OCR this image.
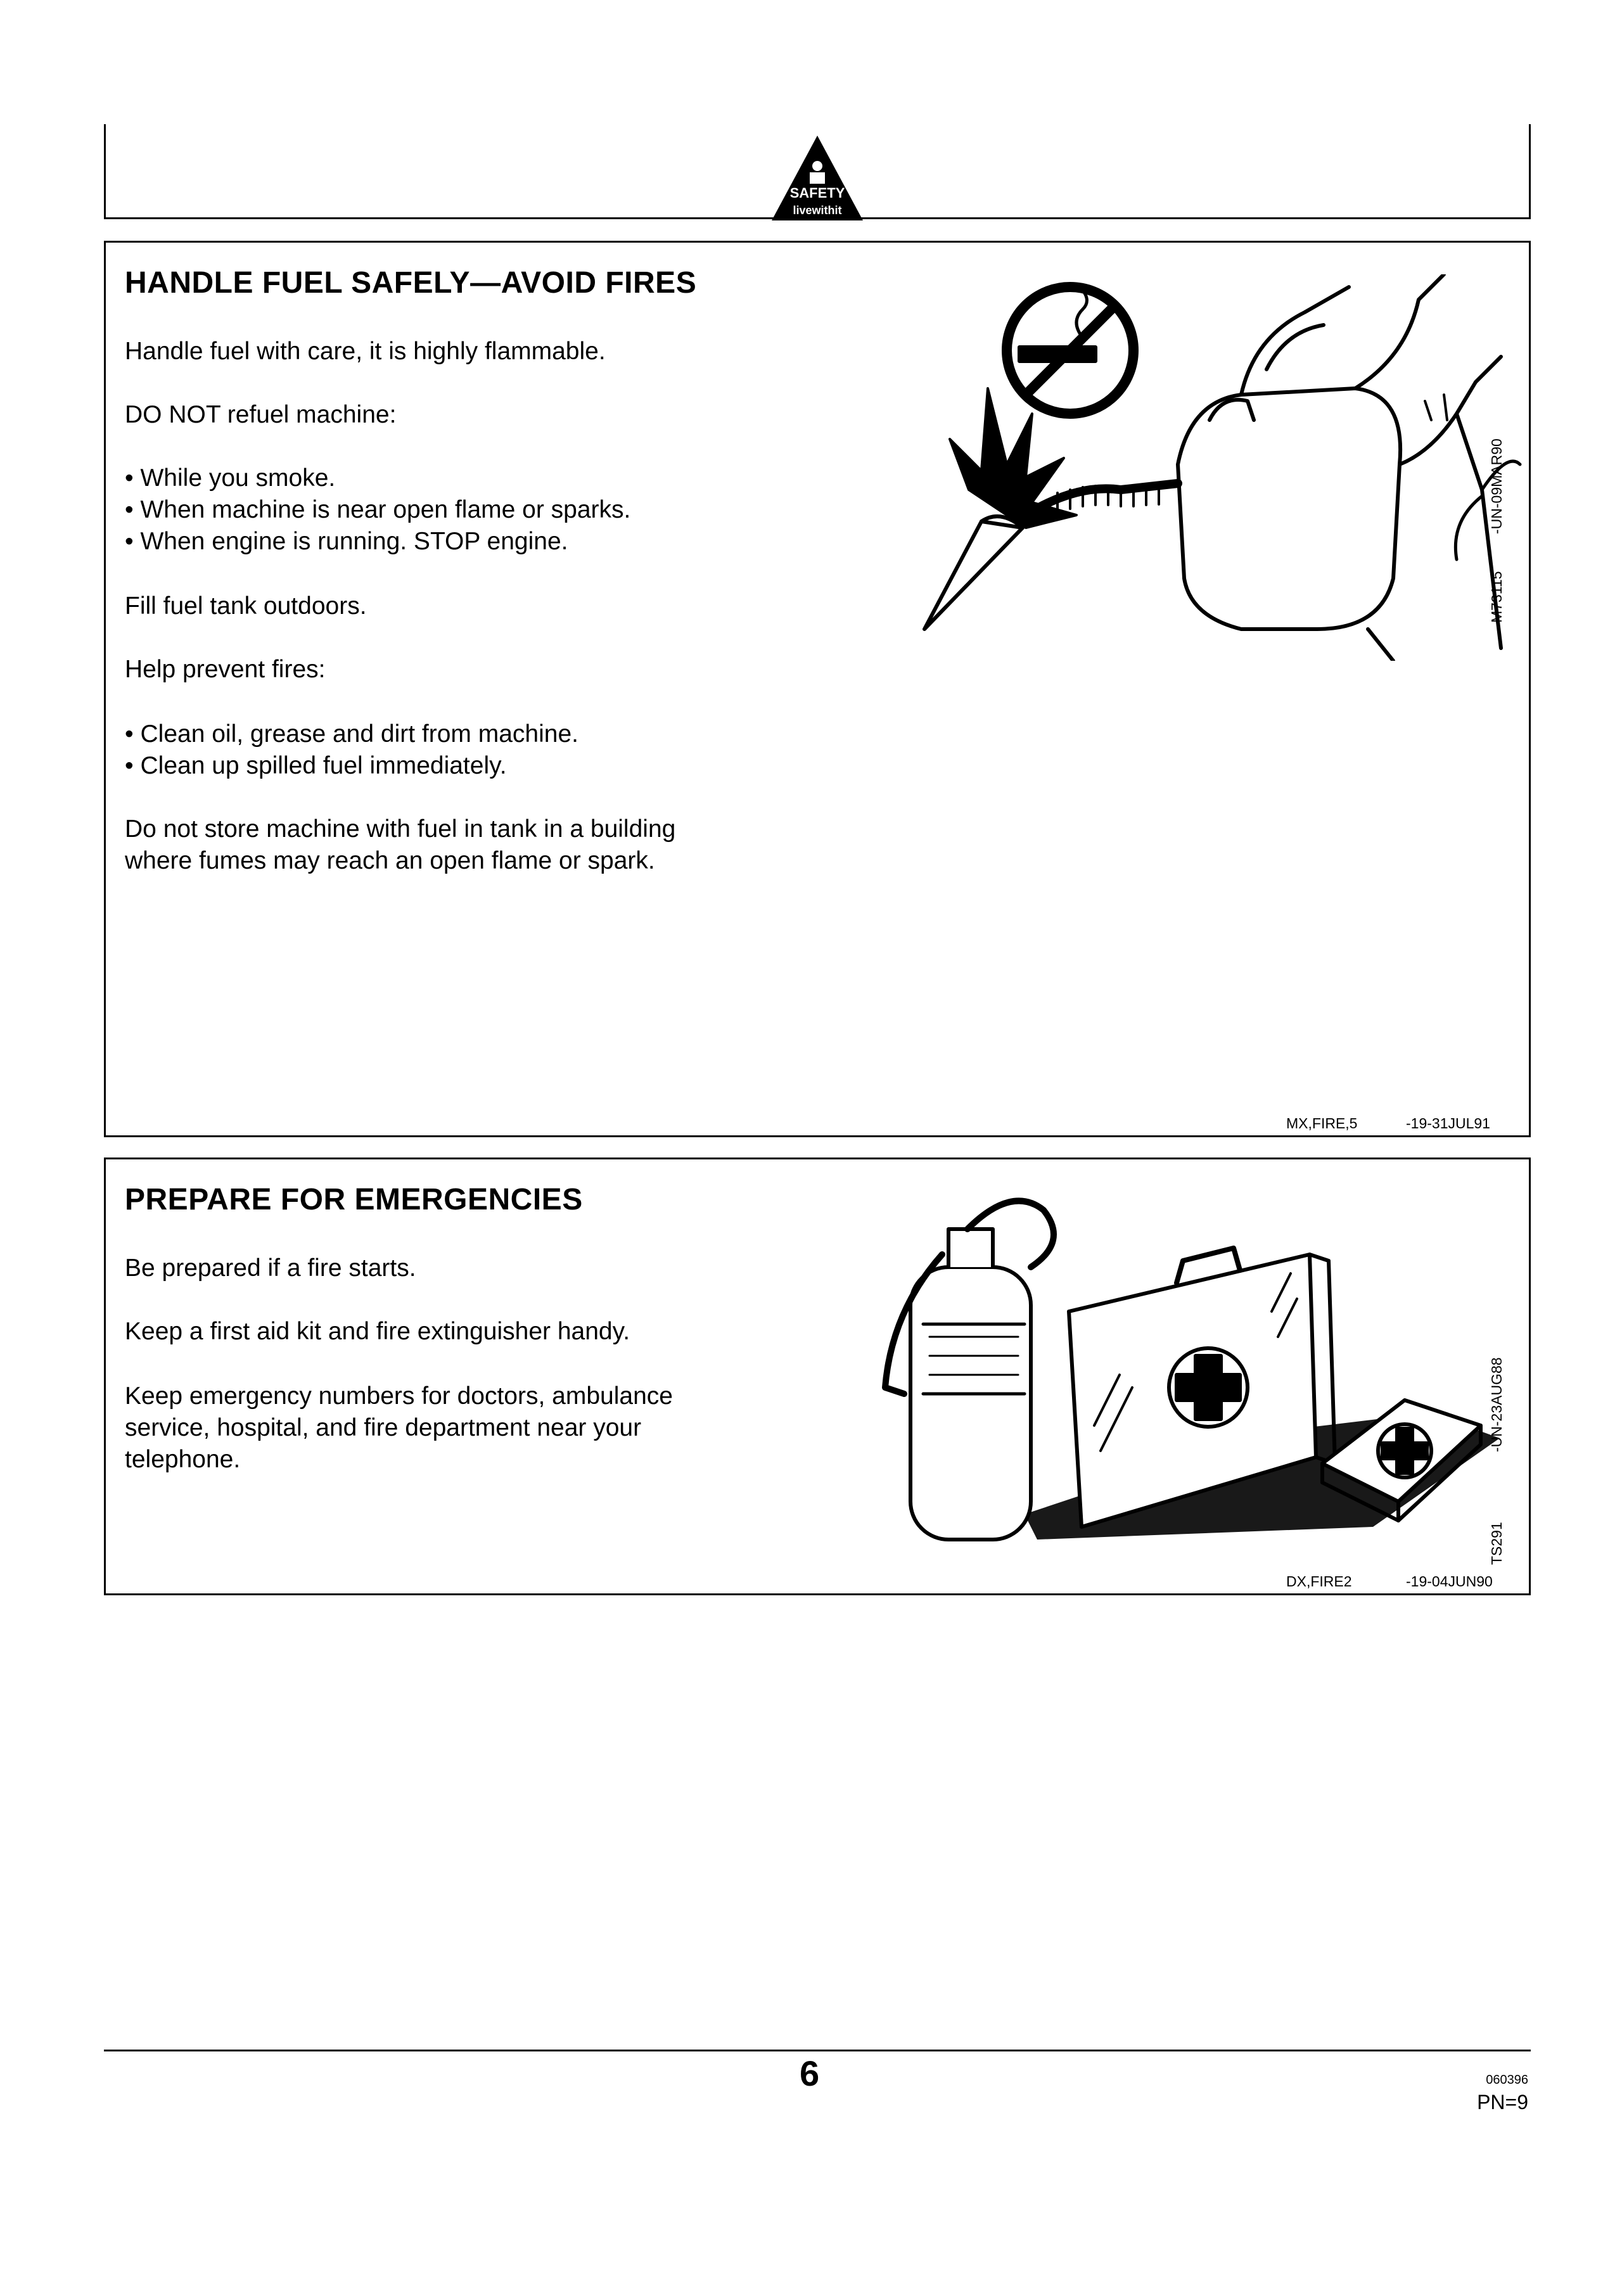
SAFETY
livewithit
HANDLE FUEL SAFELY—AVOID FIRES
Handle fuel with care, it is highly flammable.
DO NOT refuel machine:
• While you smoke.
• When machine is near open flame or sparks.
• When engine is running. STOP engine.
Fill fuel tank outdoors.
Help prevent fires:
• Clean oil, grease and dirt from machine.
• Clean up spilled fuel immediately.
Do not store machine with fuel in tank in a building
where fumes may reach an open flame or spark.
M73115
-UN-09MAR90
MX,FIRE,5	-19-31JUL91
PREPARE FOR EMERGENCIES
Be prepared if a fire starts.
Keep a first aid kit and fire extinguisher handy.
Keep emergency numbers for doctors, ambulance
service, hospital, and fire department near your
telephone.
TS291
-UN-23AUG88
DX,FIRE2	-19-04JUN90
6	060396
PN=9
